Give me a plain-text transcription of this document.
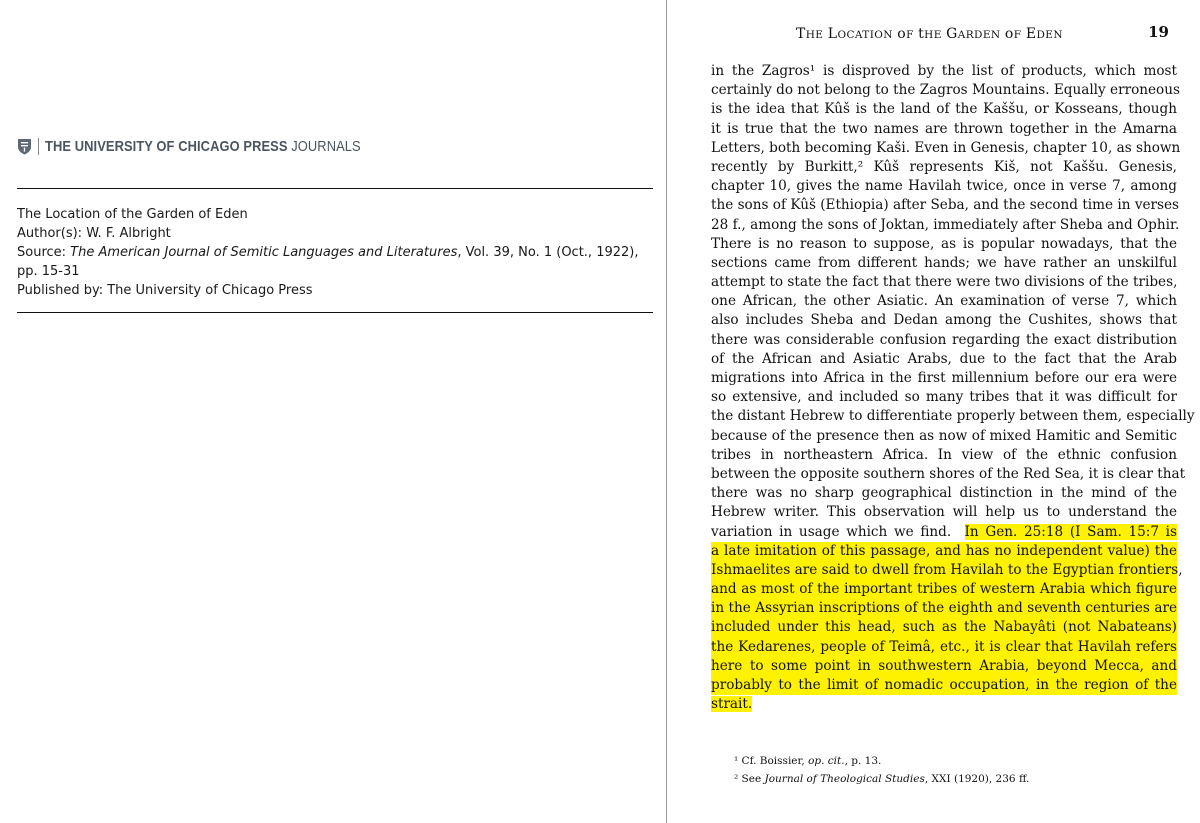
THE UNIVERSITY OF CHICAGO PRESS JOURNALS
The Location of the Garden of Eden
Author(s): W. F. Albright
Source: The American Journal of Semitic Languages and Literatures, Vol. 39, No. 1 (Oct., 1922), pp. 15-31
Published by: The University of Chicago Press
THE LOCATION oF tHE GARDEN oF EDEN	19
in the Zagros¹ is disproved by the list of products, which most
certainly do not belong to the Zagros Mountains. Equally erroneous
is the idea that Kûš is the land of the Kaššu, or Kosseans, though
it is true that the two names are thrown together in the Amarna
Letters, both becoming Kaši. Even in Genesis, chapter 10, as shown
recently by Burkitt,² Kûš represents Kiš, not Kaššu. Genesis,
chapter 10, gives the name Havilah twice, once in verse 7, among
the sons of Kûš (Ethiopia) after Seba, and the second time in verses
28 f., among the sons of Joktan, immediately after Sheba and Ophir.
There is no reason to suppose, as is popular nowadays, that the
sections came from different hands; we have rather an unskilful
attempt to state the fact that there were two divisions of the tribes,
one African, the other Asiatic. An examination of verse 7, which
also includes Sheba and Dedan among the Cushites, shows that
there was considerable confusion regarding the exact distribution
of the African and Asiatic Arabs, due to the fact that the Arab
migrations into Africa in the first millennium before our era were
so extensive, and included so many tribes that it was difficult for
the distant Hebrew to differentiate properly between them, especially
because of the presence then as now of mixed Hamitic and Semitic
tribes in northeastern Africa. In view of the ethnic confusion
between the opposite southern shores of the Red Sea, it is clear that
there was no sharp geographical distinction in the mind of the
Hebrew writer. This observation will help us to understand the
variation in usage which we find. In Gen. 25:18 (I Sam. 15:7 is
a late imitation of this passage, and has no independent value) the
Ishmaelites are said to dwell from Havilah to the Egyptian frontiers,
and as most of the important tribes of western Arabia which figure
in the Assyrian inscriptions of the eighth and seventh centuries are
included under this head, such as the Nabayâti (not Nabateans)
the Kedarenes, people of Teimâ, etc., it is clear that Havilah refers
here to some point in southwestern Arabia, beyond Mecca, and
probably to the limit of nomadic occupation, in the region of the
strait.
¹ Cf. Boissier, op. cit., p. 13.
² See Journal of Theological Studies, XXI (1920), 236 ff.
